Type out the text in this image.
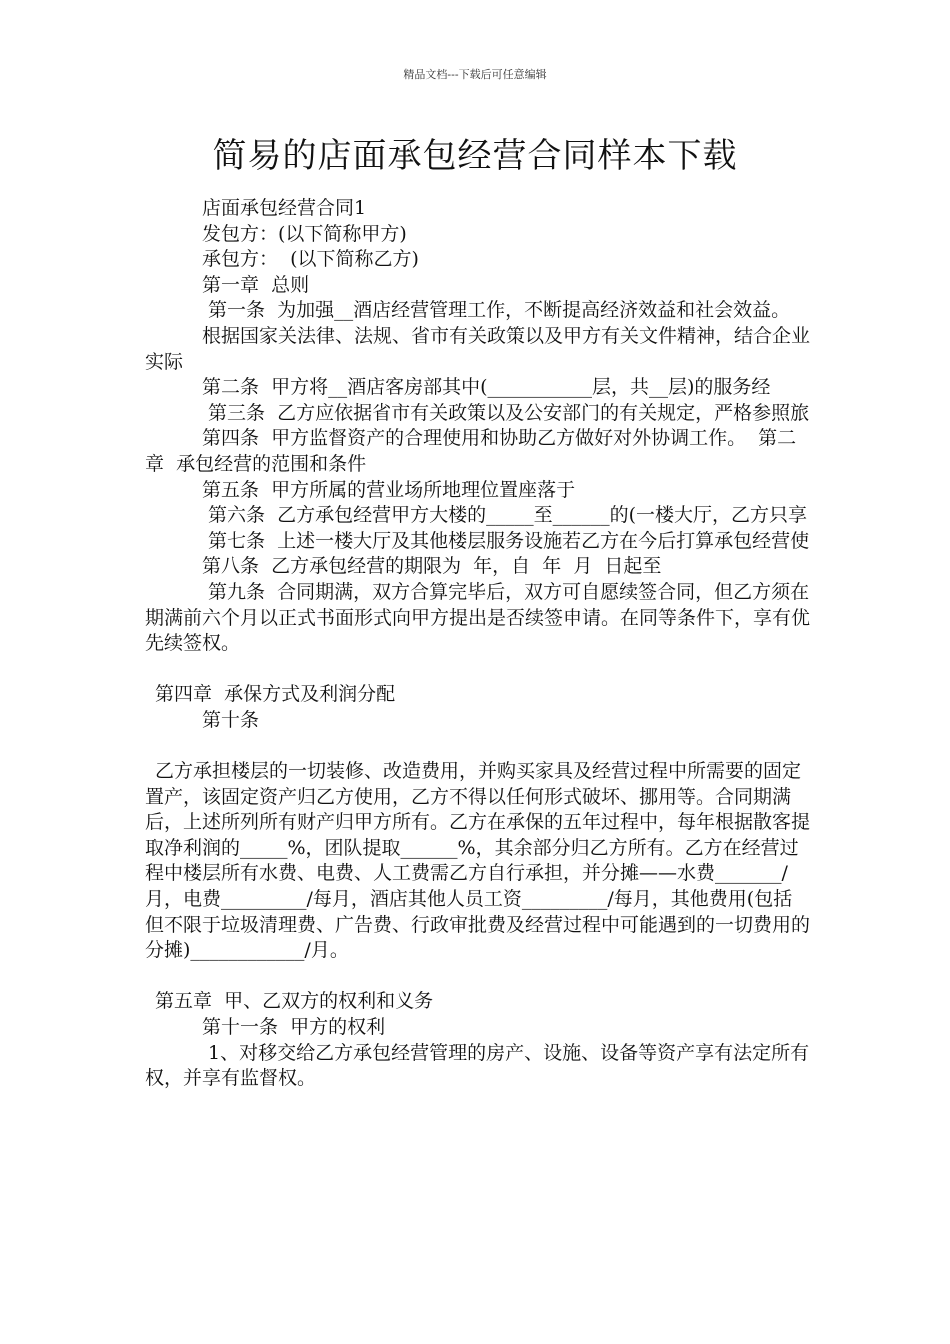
精品文档---下载后可任意编辑
简易的店面承包经营合同样本下载

店面承包经营合同1

发包方：(以下简称甲方)

承包方：  (以下简称乙方)

第一章  总则

第一条  为加强__酒店经营管理工作，不断提高经济效益和社会效益。

根据国家关法律、法规、省市有关政策以及甲方有关文件精神，结合企业实际

第二条  甲方将__酒店客房部其中(___________层，共__层)的服务经

第三条  乙方应依据省市有关政策以及公安部门的有关规定，严格参照旅

第四条  甲方监督资产的合理使用和协助乙方做好对外协调工作。  第二章  承包经营的范围和条件

第五条  甲方所属的营业场所地理位置座落于

第六条  乙方承包经营甲方大楼的_____至______的(一楼大厅，乙方只享

第七条  上述一楼大厅及其他楼层服务设施若乙方在今后打算承包经营使

第八条  乙方承包经营的期限为  年，自  年  月  日起至

第九条  合同期满，双方合算完毕后，双方可自愿续签合同，但乙方须在期满前六个月以正式书面形式向甲方提出是否续签申请。在同等条件下，享有优先续签权。

第四章  承保方式及利润分配

第十条

乙方承担楼层的一切装修、改造费用，并购买家具及经营过程中所需要的固定置产，该固定资产归乙方使用，乙方不得以任何形式破坏、挪用等。合同期满后，上述所列所有财产归甲方所有。乙方在承保的五年过程中，每年根据散客提取净利润的_____%，团队提取______%，其余部分归乙方所有。乙方在经营过程中楼层所有水费、电费、人工费需乙方自行承担，并分摊——水费_______/月，电费_________/每月，酒店其他人员工资_________/每月，其他费用(包括但不限于垃圾清理费、广告费、行政审批费及经营过程中可能遇到的一切费用的分摊)____________/月。

第五章  甲、乙双方的权利和义务

第十一条  甲方的权利

1、对移交给乙方承包经营管理的房产、设施、设备等资产享有法定所有权，并享有监督权。
